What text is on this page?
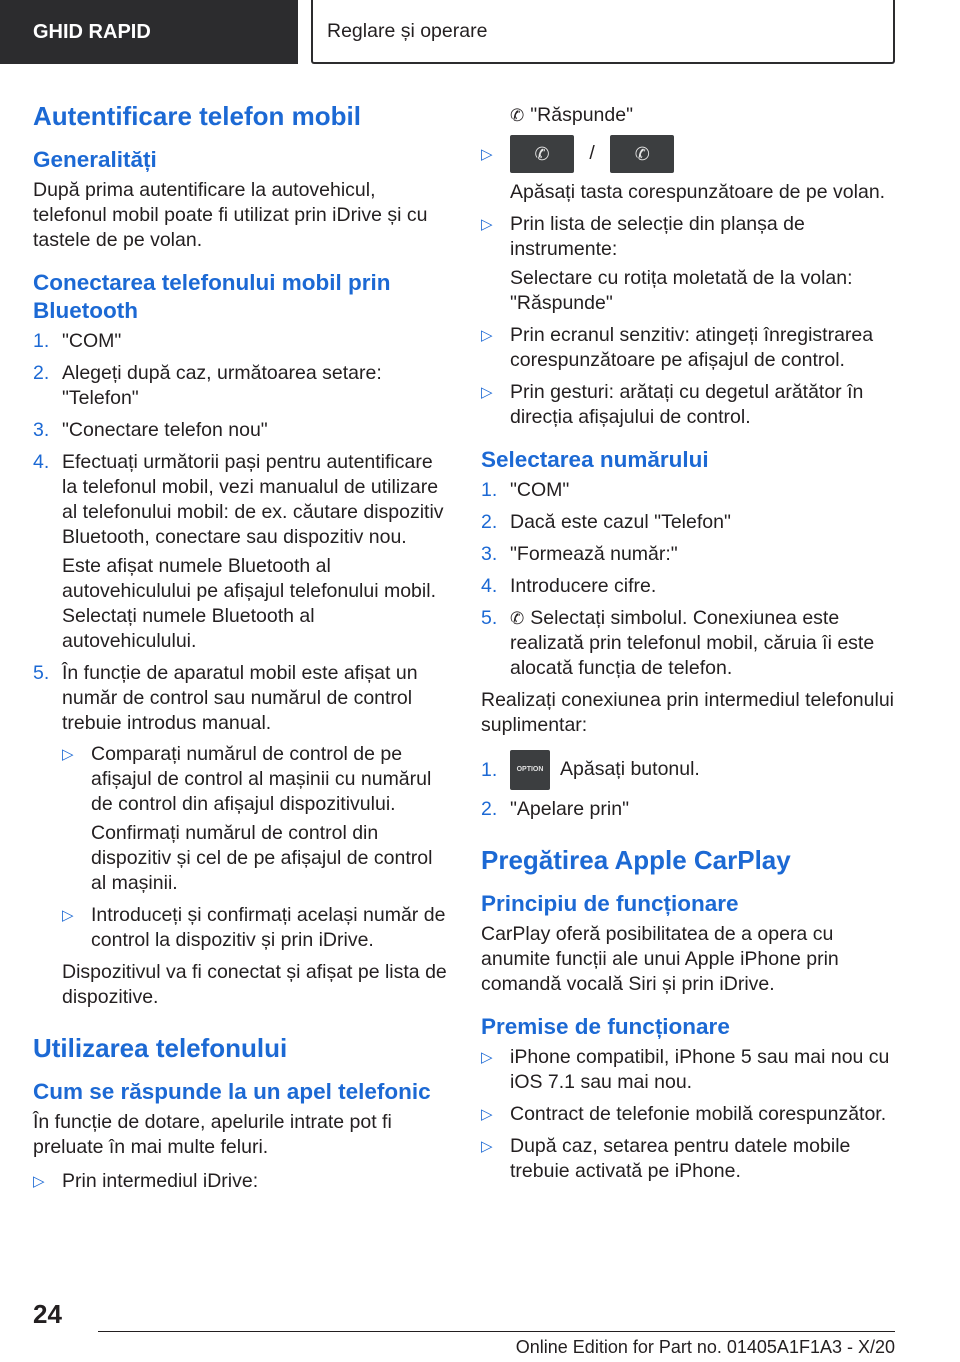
GHID RAPID	Reglare și operare
Autentificare telefon mobil
Generalități
După prima autentificare la autovehicul, telefonul mobil poate fi utilizat prin iDrive și cu tastele de pe volan.
Conectarea telefonului mobil prin Bluetooth
1. "COM"
2. Alegeți după caz, următoarea setare: "Telefon"
3. "Conectare telefon nou"
4. Efectuați următorii pași pentru autentificare la telefonul mobil, vezi manualul de utilizare al telefonului mobil: de ex. căutare dispozitiv Bluetooth, conectare sau dispozitiv nou.
Este afișat numele Bluetooth al autovehiculului pe afișajul telefonului mobil. Selectați numele Bluetooth al autovehiculului.
5. În funcție de aparatul mobil este afișat un număr de control sau numărul de control trebuie introdus manual.
▷ Comparați numărul de control de pe afișajul de control al mașinii cu numărul de control din afișajul dispozitivului.
Confirmați numărul de control din dispozitiv și cel de pe afișajul de control al mașinii.
▷ Introduceți și confirmați același număr de control la dispozitiv și prin iDrive.
Dispozitivul va fi conectat și afișat pe lista de dispozitive.
Utilizarea telefonului
Cum se răspunde la un apel telefonic
În funcție de dotare, apelurile intrate pot fi preluate în mai multe feluri.
▷ Prin intermediul iDrive:
✆ "Răspunde"
▷	✆	/	✆
Apăsați tasta corespunzătoare de pe volan.
▷ Prin lista de selecție din planșa de instrumente:
Selectare cu rotița moletată de la volan: "Răspunde"
▷ Prin ecranul senzitiv: atingeți înregistrarea corespunzătoare pe afișajul de control.
▷ Prin gesturi: arătați cu degetul arătător în direcția afișajului de control.
Selectarea numărului
1. "COM"
2. Dacă este cazul "Telefon"
3. "Formează număr:"
4. Introducere cifre.
5. ✆ Selectați simbolul. Conexiunea este realizată prin telefonul mobil, căruia îi este alocată funcția de telefon.
Realizați conexiunea prin intermediul telefonului suplimentar:
1.	OPTION Apăsați butonul.
2. "Apelare prin"
Pregătirea Apple CarPlay
Principiu de funcționare
CarPlay oferă posibilitatea de a opera cu anumite funcții ale unui Apple iPhone prin comandă vocală Siri și prin iDrive.
Premise de funcționare
▷ iPhone compatibil, iPhone 5 sau mai nou cu iOS 7.1 sau mai nou.
▷ Contract de telefonie mobilă corespunzător.
▷ După caz, setarea pentru datele mobile trebuie activată pe iPhone.
24
Online Edition for Part no. 01405A1F1A3 - X/20
